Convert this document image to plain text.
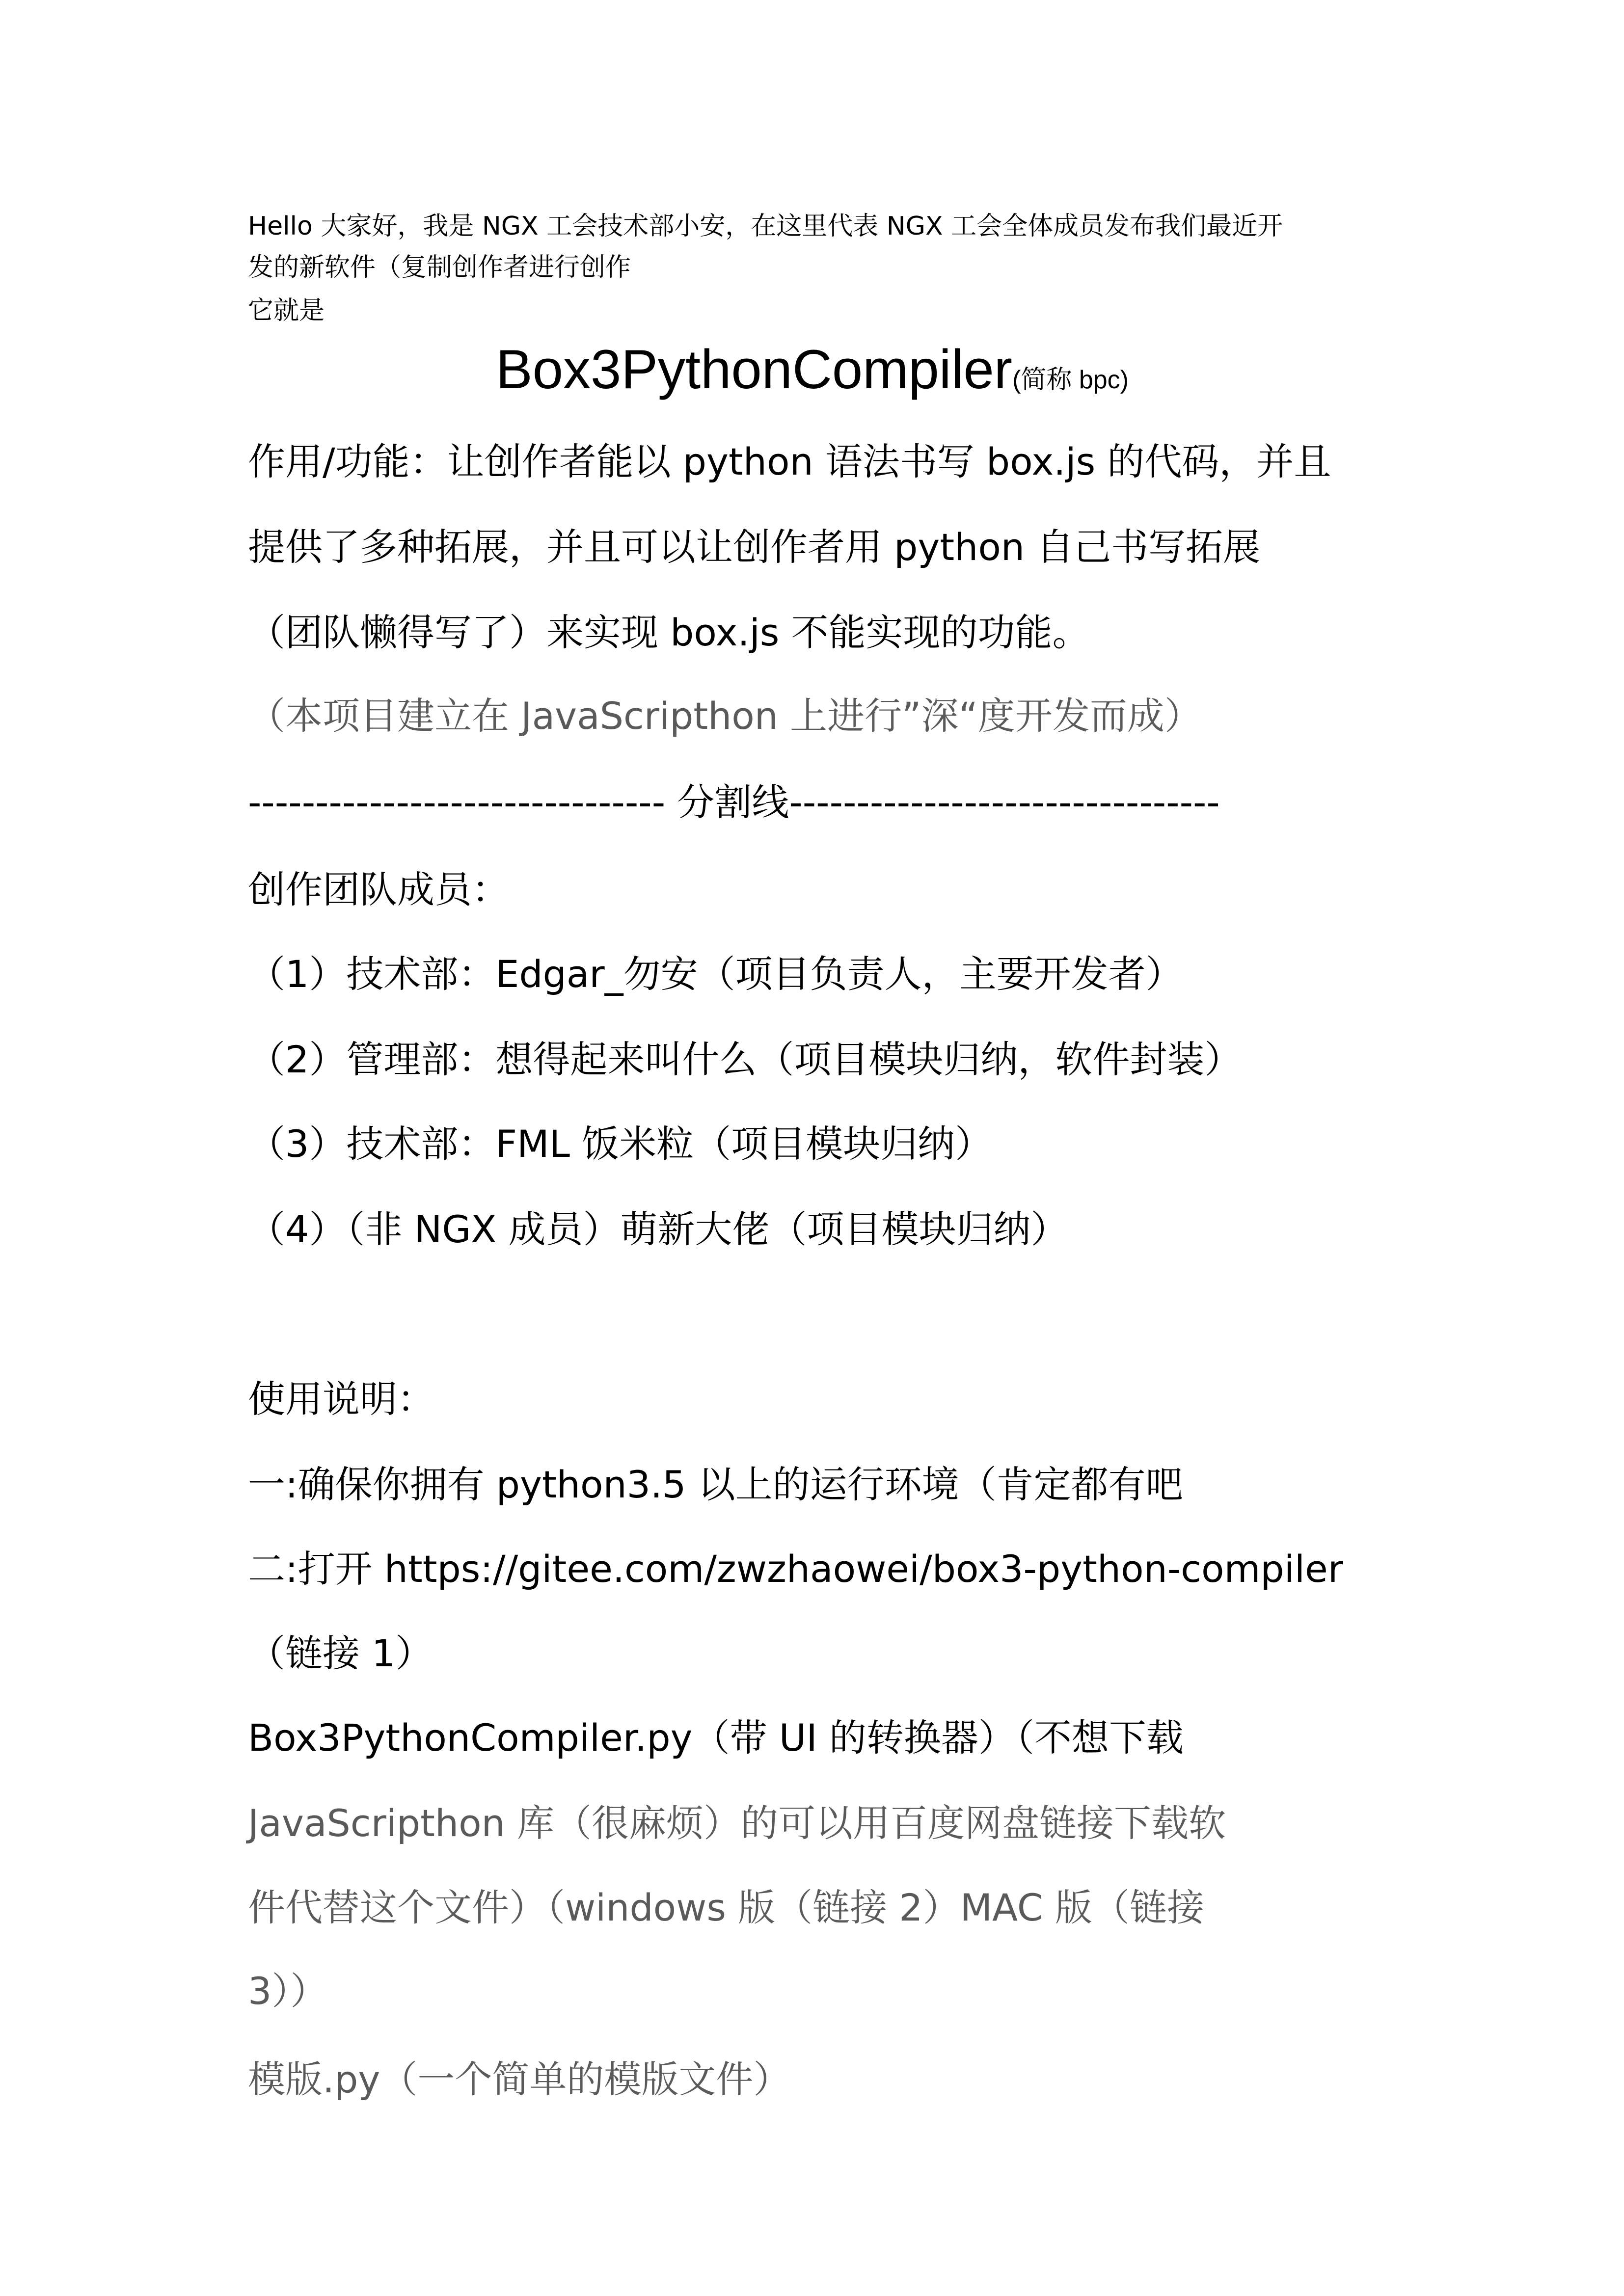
Hello 大家好，我是 NGX 工会技术部小安，在这里代表 NGX 工会全体成员发布我们最近开
发的新软件（复制创作者进行创作
它就是
Box3PythonCompiler(简称 bpc)
作用/功能：让创作者能以 python 语法书写 box.js 的代码，并且
提供了多种拓展，并且可以让创作者用 python 自己书写拓展
（团队懒得写了）来实现 box.js 不能实现的功能。
（本项目建立在 JavaScripthon 上进行”深“度开发而成）
------------------------------- 分割线--------------------------------
创作团队成员：
（1）技术部：Edgar_勿安（项目负责人，主要开发者）
（2）管理部：想得起来叫什么（项目模块归纳，软件封装）
（3）技术部：FML 饭米粒（项目模块归纳）
（4）（非 NGX 成员）萌新大佬（项目模块归纳）
使用说明：
一:确保你拥有 python3.5 以上的运行环境（肯定都有吧
二:打开 https://gitee.com/zwzhaowei/box3-python-compiler
（链接 1）
Box3PythonCompiler.py（带 UI 的转换器）（不想下载
JavaScripthon 库（很麻烦）的可以用百度网盘链接下载软
件代替这个文件）（windows 版（链接 2）MAC 版（链接
3））
模版.py（一个简单的模版文件）
